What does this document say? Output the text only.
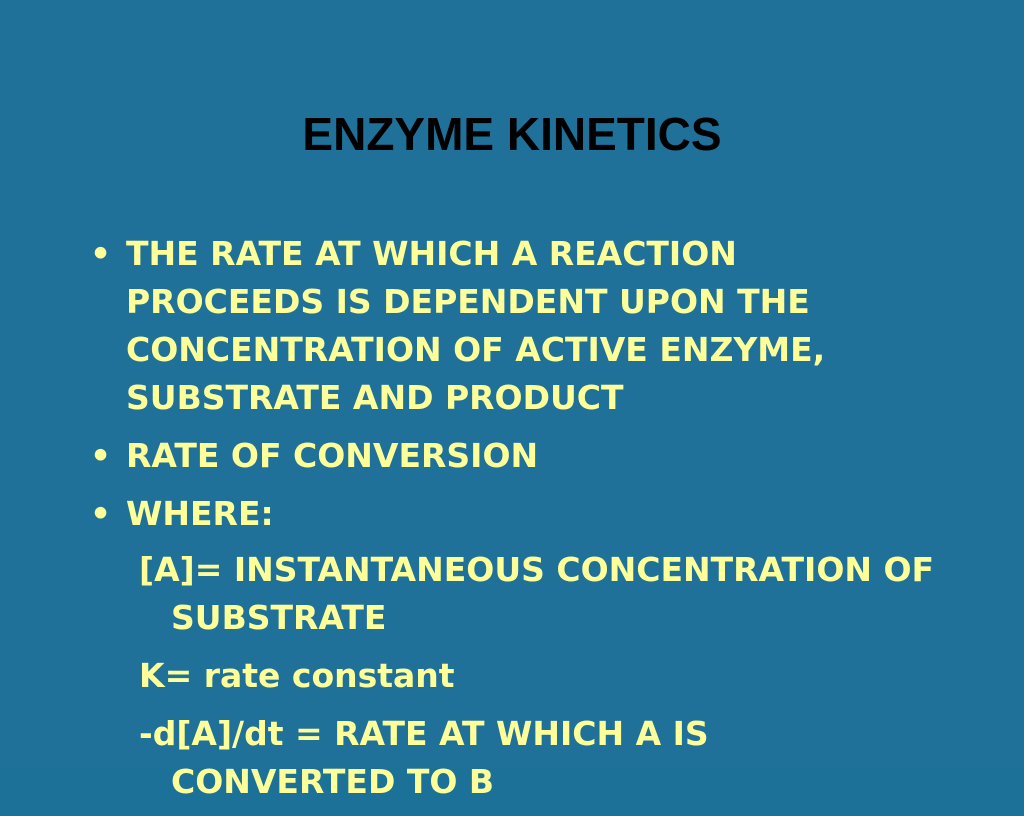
ENZYME KINETICS
• THE RATE AT WHICH A REACTION PROCEEDS IS DEPENDENT UPON THE CONCENTRATION OF ACTIVE ENZYME, SUBSTRATE AND PRODUCT
• RATE OF CONVERSION
• WHERE:
[A]= INSTANTANEOUS CONCENTRATION OF SUBSTRATE
K= rate constant
-d[A]/dt = RATE AT WHICH A IS CONVERTED TO B
